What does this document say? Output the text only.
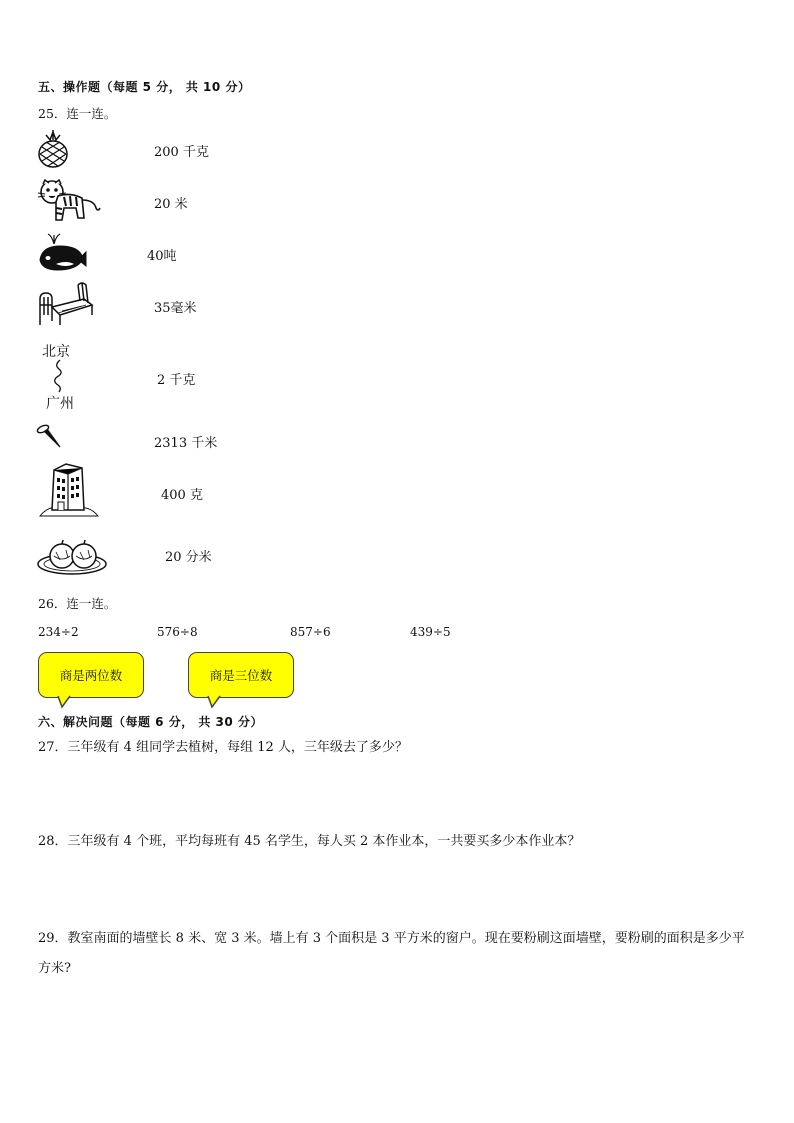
五、操作题（每题 5 分， 共 10 分）
25．连一连。
200 千克
20 米
40吨
35毫米
北京
广州
2 千克
2313 千米
400 克
20 分米
26．连一连。
234÷2	576÷8	857÷6	439÷5
商是两位数	商是三位数
六、解决问题（每题 6 分， 共 30 分）
27．三年级有 4 组同学去植树，每组 12 人，三年级去了多少？
28．三年级有 4 个班，平均每班有 45 名学生，每人买 2 本作业本，一共要买多少本作业本？
29．教室南面的墙壁长 8 米、宽 3 米。墙上有 3 个面积是 3 平方米的窗户。现在要粉刷这面墙壁，要粉刷的面积是多少平方米?
